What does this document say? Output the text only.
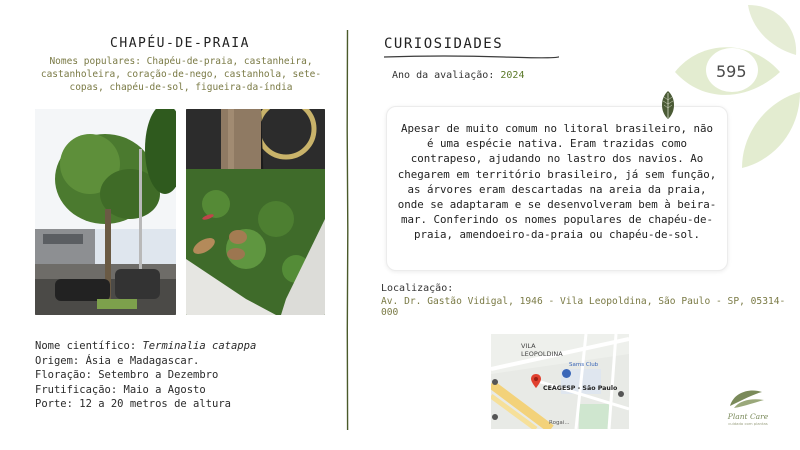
595
CHAPÉU-DE-PRAIA
Nomes populares: Chapéu-de-praia, castanheira, castanholeira, coração-de-nego, castanhola, sete-copas, chapéu-de-sol, figueira-da-índia
Nome científico: Terminalia catappa
Origem: Ásia e Madagascar.
Floração: Setembro a Dezembro
Frutificação: Maio a Agosto
Porte: 12 a 20 metros de altura
CURIOSIDADES
Ano da avaliação: 2024
Apesar de muito comum no litoral brasileiro, não é uma espécie nativa. Eram trazidas como contrapeso, ajudando no lastro dos navios. Ao chegarem em território brasileiro, já sem função, as árvores eram descartadas na areia da praia, onde se adaptaram e se desenvolveram bem à beira-mar. Conferindo os nomes populares de chapéu-de-praia, amendoeiro-da-praia ou chapéu-de-sol.
Localização:
Av. Dr. Gastão Vidigal, 1946 - Vila Leopoldina, São Paulo - SP, 05314-000
VILA LEOPOLDINA
Sams Club
CEAGESP - São Paulo
Rogai...
Plant Care
cuidado com plantas
